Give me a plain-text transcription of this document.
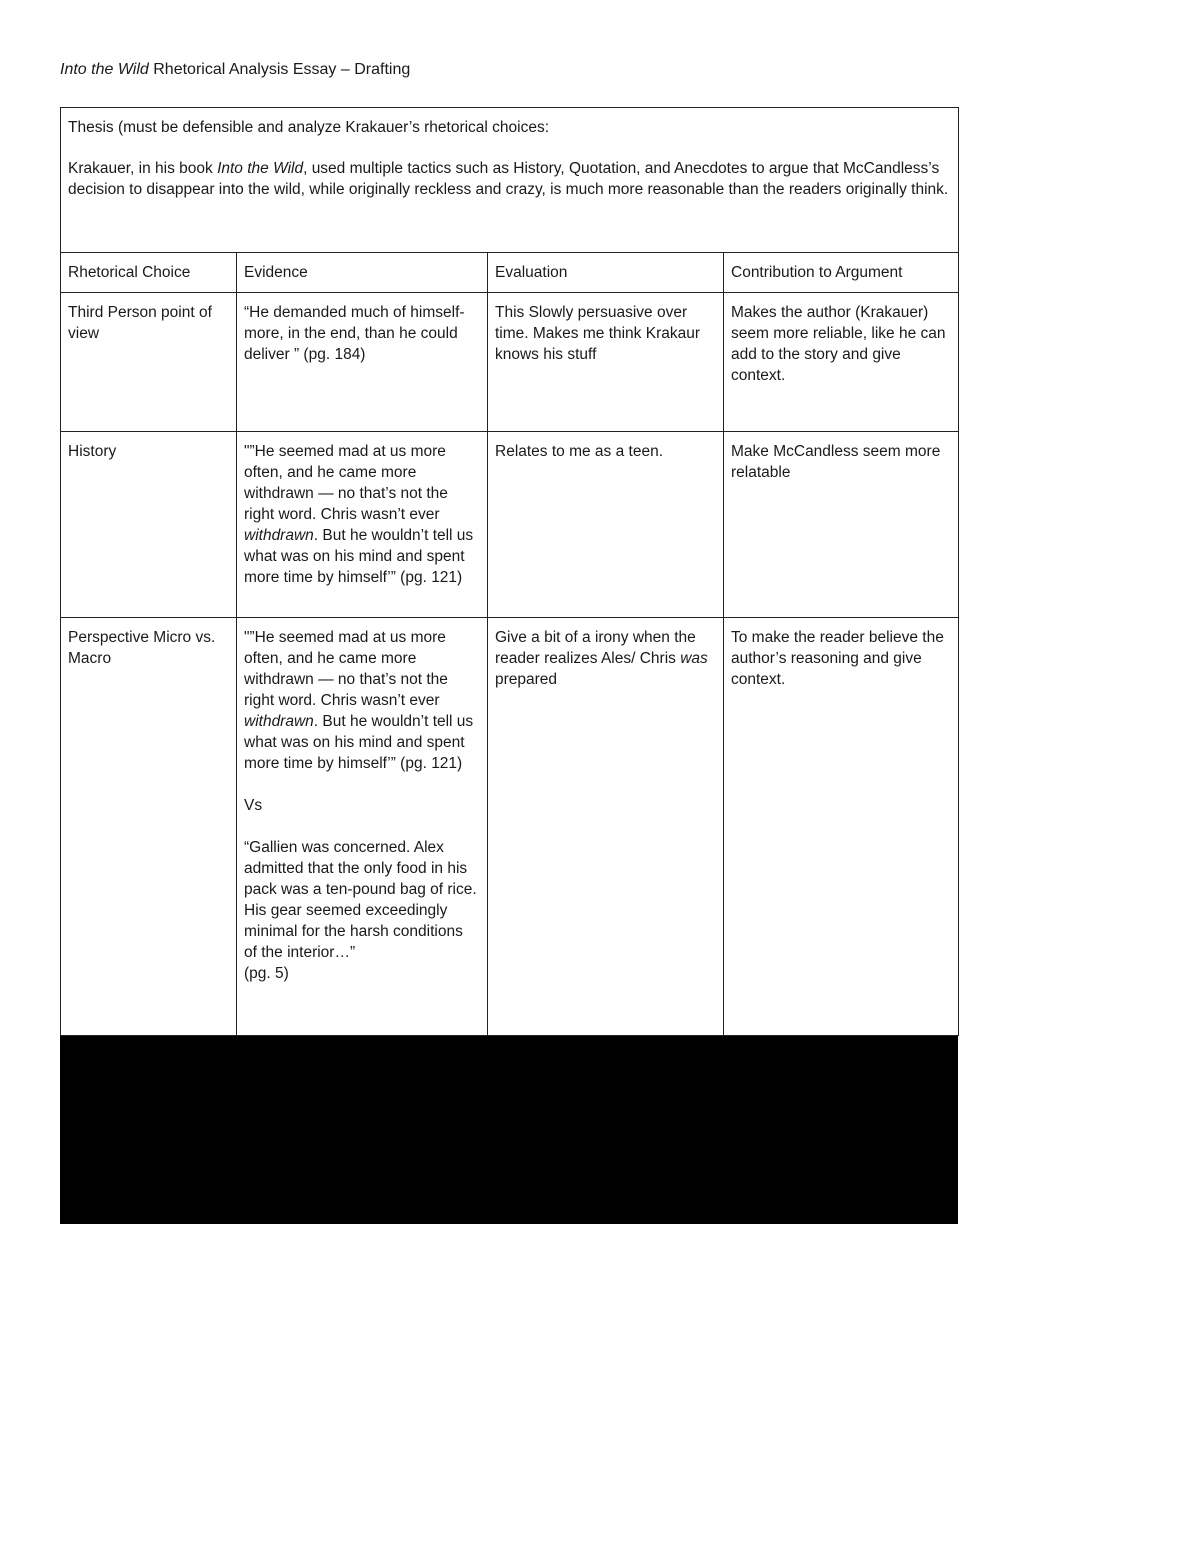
Into the Wild Rhetorical Analysis Essay – Drafting

Thesis (must be defensible and analyze Krakauer’s rhetorical choices:

Krakauer, in his book Into the Wild, used multiple tactics such as History, Quotation, and Anecdotes to argue that McCandless’s decision to disappear into the wild, while originally reckless and crazy, is much more reasonable than the readers originally think.			

Rhetorical Choice	Evidence	Evaluation	Contribution to Argument
Third Person point of view	“He demanded much of himself-more, in the end, than he could deliver ” (pg. 184)	This Slowly persuasive over time. Makes me think Krakaur knows his stuff	Makes the author (Krakauer) seem more reliable, like he can add to the story and give context.
History	"”He seemed mad at us more often, and he came more withdrawn — no that’s not the right word. Chris wasn’t ever withdrawn. But he wouldn’t tell us what was on his mind and spent more time by himself’” (pg. 121)	Relates to me as a teen.	Make McCandless seem more relatable
Perspective Micro vs. Macro	"”He seemed mad at us more often, and he came more withdrawn — no that’s not the right word. Chris wasn’t ever withdrawn. But he wouldn’t tell us what was on his mind and spent more time by himself’” (pg. 121)
Vs
“Gallien was concerned. Alex admitted that the only food in his pack was a ten-pound bag of rice. His gear seemed exceedingly minimal for the harsh conditions of the interior…”
(pg. 5)	Give a bit of a irony when the reader realizes Ales/ Chris was prepared	To make the reader believe the author’s reasoning and give context.
